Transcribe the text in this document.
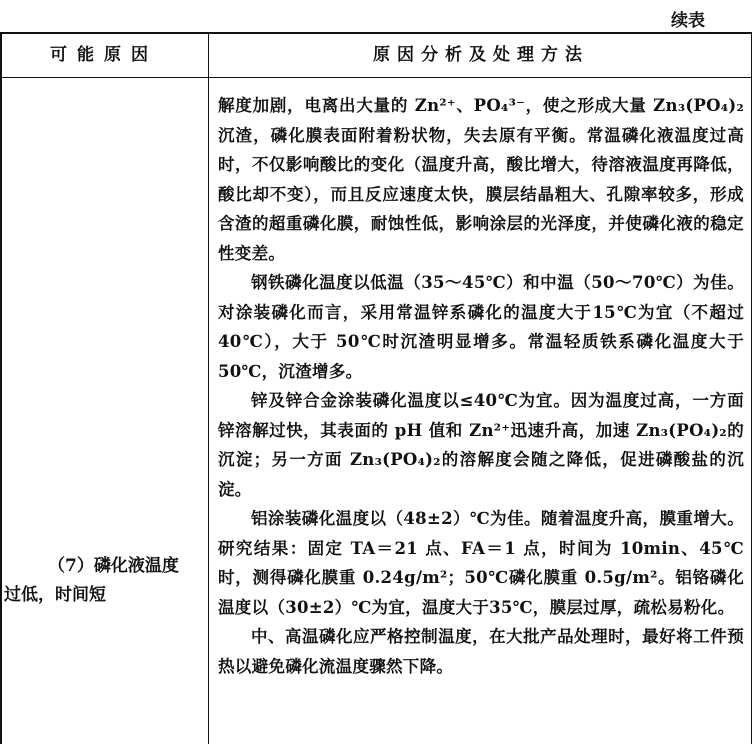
续表
可能原因	原因分析及处理方法
（7）磷化液温度
过低，时间短

解度加剧，电离出大量的 Zn²⁺、PO₄³⁻，使之形成大量 Zn₃(PO₄)₂沉渣，磷化膜表面附着粉状物，失去原有平衡。常温磷化液温度过高时，不仅影响酸比的变化（温度升高，酸比增大，待溶液温度再降低，酸比却不变），而且反应速度太快，膜层结晶粗大、孔隙率较多，形成含渣的超重磷化膜，耐蚀性低，影响涂层的光泽度，并使磷化液的稳定性变差。

钢铁磷化温度以低温（35～45℃）和中温（50～70℃）为佳。对涂装磷化而言，采用常温锌系磷化的温度大于15℃为宜（不超过 40℃），大于 50℃时沉渣明显增多。常温轻质铁系磷化温度大于 50℃，沉渣增多。

锌及锌合金涂装磷化温度以≤40℃为宜。因为温度过高，一方面锌溶解过快，其表面的 pH 值和 Zn²⁺迅速升高，加速 Zn₃(PO₄)₂的沉淀；另一方面 Zn₃(PO₄)₂的溶解度会随之降低，促进磷酸盐的沉淀。

铝涂装磷化温度以（48±2）℃为佳。随着温度升高，膜重增大。研究结果：固定 TA＝21 点、FA＝1 点，时间为 10min、45℃时，测得磷化膜重 0.24g/m²；50℃磷化膜重 0.5g/m²。铝铬磷化温度以（30±2）℃为宜，温度大于35℃，膜层过厚，疏松易粉化。

中、高温磷化应严格控制温度，在大批产品处理时，最好将工件预热以避免磷化流温度骤然下降。
